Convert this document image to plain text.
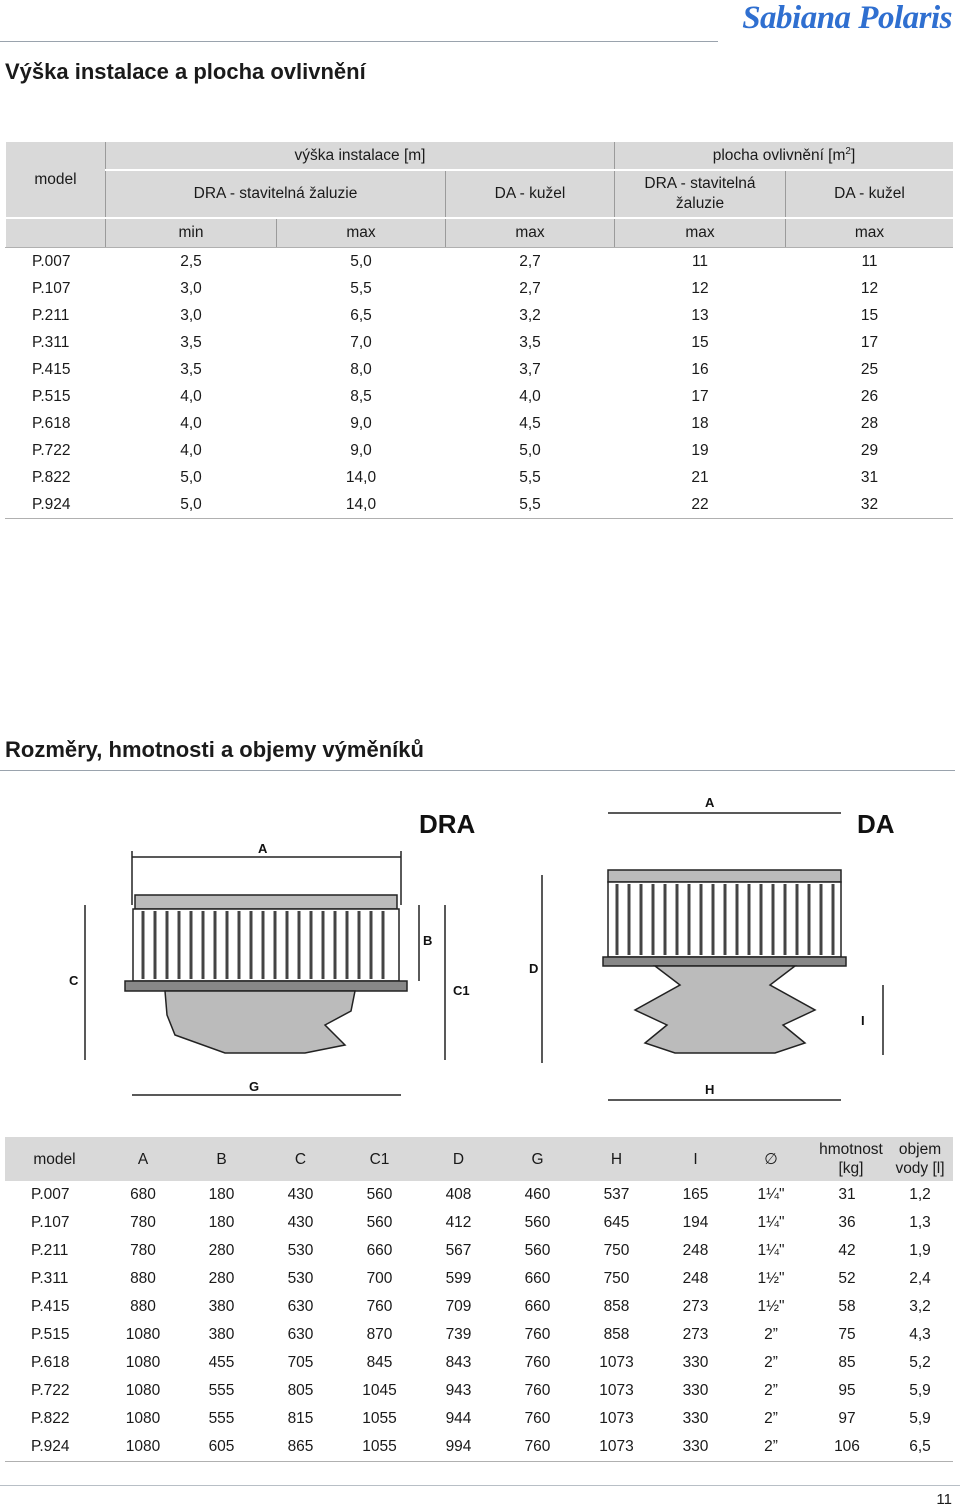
Sabiana Polaris
Výška instalace a plocha ovlivnění
model	výška instalace [m]			plocha ovlivnění $[m^2]$	
	DRA - stavitelná žaluzie		DA - kužel	DRA - stavitelná žaluzie	DA - kužel
	min	max	max	max	max
P.007	2,5	5,0	2,7	11	11
P.107	3,0	5,5	2,7	12	12
P.211	3,0	6,5	3,2	13	15
P.311	3,5	7,0	3,5	15	17
P.415	3,5	8,0	3,7	16	25
P.515	4,0	8,5	4,0	17	26
P.618	4,0	9,0	4,5	18	28
P.722	4,0	9,0	5,0	19	29
P.822	5,0	14,0	5,5	21	31
P.924	5,0	14,0	5,5	22	32
Rozměry, hmotnosti a objemy výměníků
DRA
A
B
C
C1
G
DA
A
D
I
H
model	A	B	C	C1	D	G	H	I	∅	hmotnost [kg]	objem vody [l]

P.007	680	180	430	560	408	460	537	165	1¼"	31	1,2
P.107	780	180	430	560	412	560	645	194	1¼"	36	1,3
P.211	780	280	530	660	567	560	750	248	1¼"	42	1,9
P.311	880	280	530	700	599	660	750	248	1½"	52	2,4
P.415	880	380	630	760	709	660	858	273	1½"	58	3,2
P.515	1080	380	630	870	739	760	858	273	2”	75	4,3
P.618	1080	455	705	845	843	760	1073	330	2”	85	5,2
P.722	1080	555	805	1045	943	760	1073	330	2”	95	5,9
P.822	1080	555	815	1055	944	760	1073	330	2”	97	5,9
P.924	1080	605	865	1055	994	760	1073	330	2”	106	6,5
11
